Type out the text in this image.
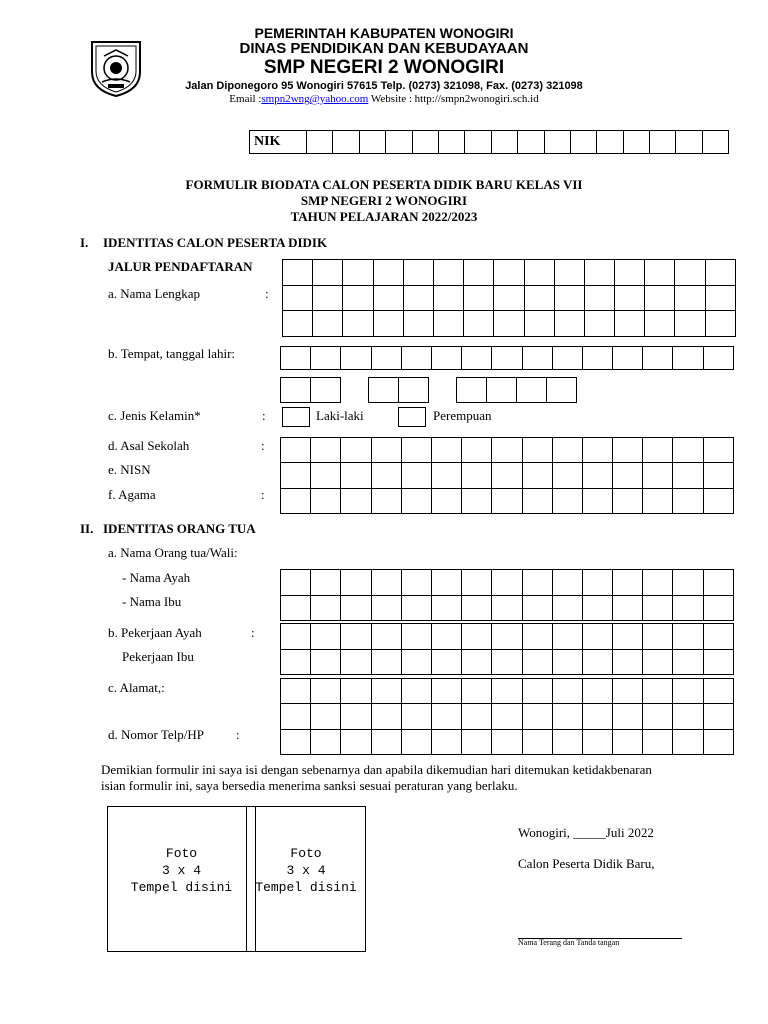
PEMERINTAH KABUPATEN WONOGIRI
DINAS PENDIDIKAN DAN KEBUDAYAAN
SMP NEGERI 2 WONOGIRI
Jalan Diponegoro 95 Wonogiri 57615 Telp. (0273) 321098, Fax. (0273) 321098
Email :smpn2wng@yahoo.com Website : http://smpn2wonogiri.sch.id
NIK																
FORMULIR BIODATA CALON PESERTA DIDIK BARU KELAS VII
SMP NEGERI 2 WONOGIRI
TAHUN PELAJARAN 2022/2023
I. IDENTITAS CALON PESERTA DIDIK
JALUR PENDAFTARAN
a. Nama Lengkap	:

b. Tempat, tanggal lahir:

c. Jenis Kelamin*	:	Laki-laki	Perempuan

d. Asal Sekolah	:
e. NISN
f. Agama	:
II. IDENTITAS ORANG TUA
a. Nama Orang tua/Wali:
- Nama Ayah
- Nama Ibu

b. Pekerjaan Ayah	:
Pekerjaan Ibu

c. Alamat,:

d. Nomor Telp/HP :
Demikian formulir ini saya isi dengan sebenarnya dan apabila dikemudian hari ditemukan ketidakbenaran
isian formulir ini, saya bersedia menerima sanksi sesuai peraturan yang berlaku.
Foto
3 x 4
Tempel disini
Foto
3 x 4
Tempel disini
Wonogiri, _____Juli 2022
Calon Peserta Didik Baru,
Nama Terang dan Tanda tangan
